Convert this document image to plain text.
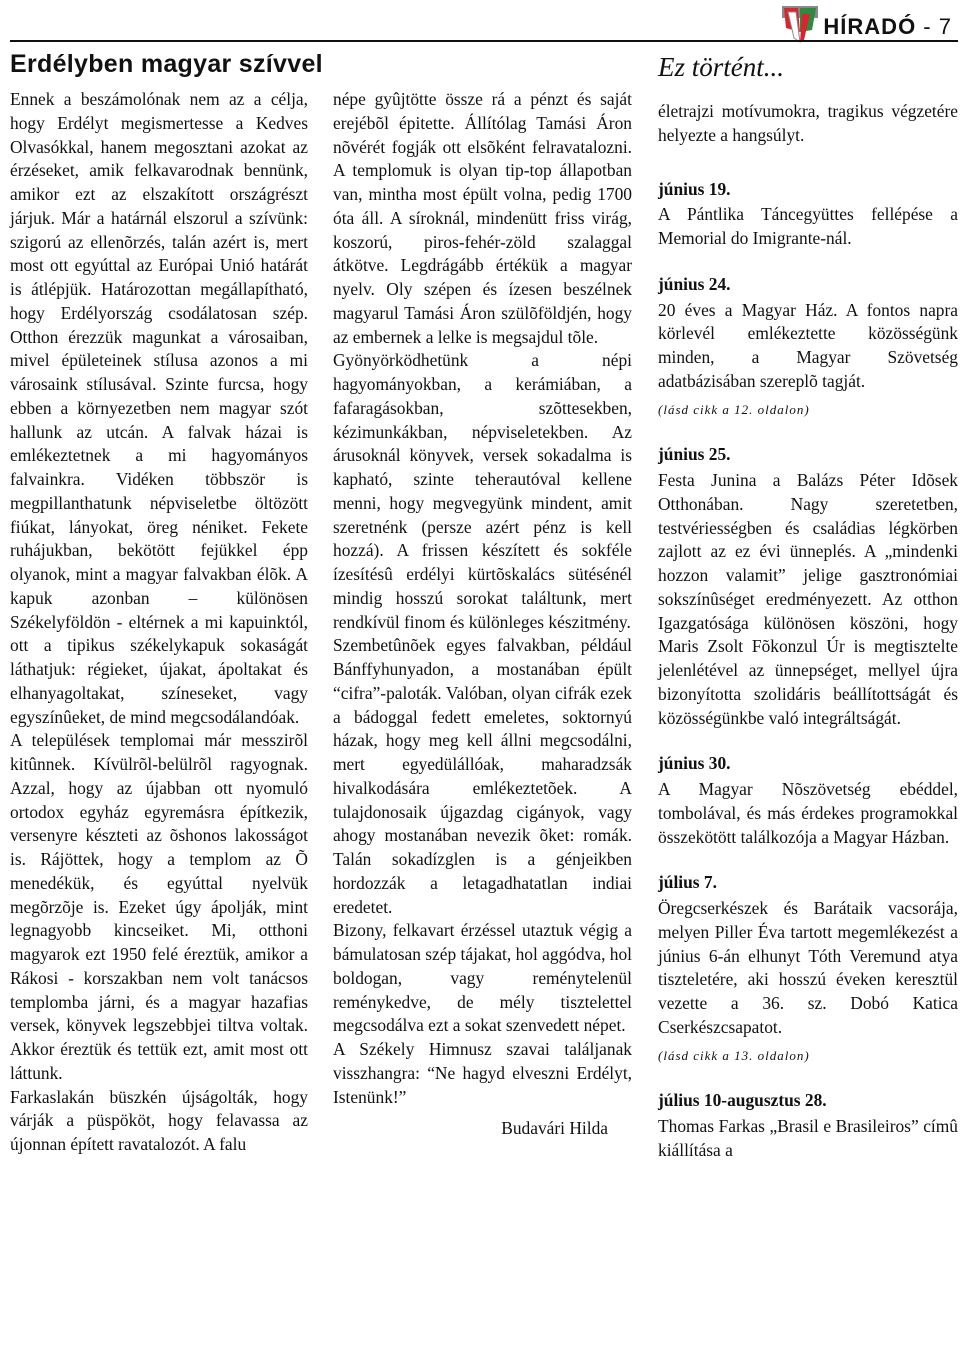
HÍRADÓ - 7
Erdélyben magyar szívvel

Ennek a beszámolónak nem az a célja, hogy Erdélyt megismertesse a Kedves Olvasókkal, hanem megosztani azokat az érzéseket, amik felkavarodnak bennünk, amikor ezt az elszakított országrészt járjuk. Már a határnál elszorul a szívünk: szigorú az ellenõrzés, talán azért is, mert most ott egyúttal az Európai Unió határát is átlépjük. Határozottan megállapítható, hogy Erdélyország csodálatosan szép. Otthon érezzük magunkat a városaiban, mivel épületeinek stílusa azonos a mi városaink stílusával. Szinte furcsa, hogy ebben a környezetben nem magyar szót hallunk az utcán. A falvak házai is emlékeztetnek a mi hagyományos falvainkra. Vidéken többször is megpillanthatunk népviseletbe öltözött fiúkat, lányokat, öreg néniket. Fekete ruhájukban, bekötött fejükkel épp olyanok, mint a magyar falvakban élõk. A kapuk azonban – különösen Székelyföldön - eltérnek a mi kapuinktól, ott a tipikus székelykapuk sokaságát láthatjuk: régieket, újakat, ápoltakat és elhanyagoltakat, színeseket, vagy egyszínûeket, de mind megcsodálandóak.

A települések templomai már messzirõl kitûnnek. Kívülrõl-belülrõl ragyognak. Azzal, hogy az újabban ott nyomuló ortodox egyház egyremásra építkezik, versenyre készteti az õshonos lakosságot is. Rájöttek, hogy a templom az Õ menedékük, és egyúttal nyelvük megõrzõje is. Ezeket úgy ápolják, mint legnagyobb kincseiket. Mi, otthoni magyarok ezt 1950 felé éreztük, amikor a Rákosi - korszakban nem volt tanácsos templomba járni, és a magyar hazafias versek, könyvek legszebbjei tiltva voltak. Akkor éreztük és tettük ezt, amit most ott láttunk.

Farkaslakán büszkén újságolták, hogy várják a püspököt, hogy felavassa az újonnan épített ravatalozót. A falu

népe gyûjtötte össze rá a pénzt és saját erejébõl épitette. Állítólag Tamási Áron nõvérét fogják ott elsõként felravatalozni. A templomuk is olyan tip-top állapotban van, mintha most épült volna, pedig 1700 óta áll. A síroknál, mindenütt friss virág, koszorú, piros-fehér-zöld szalaggal átkötve. Legdrágább értékük a magyar nyelv. Oly szépen és ízesen beszélnek magyarul Tamási Áron szülõföldjén, hogy az embernek a lelke is megsajdul tõle.

Gyönyörködhetünk a népi hagyományokban, a kerámiában, a fafaragásokban, szõttesekben, kézimunkákban, népviseletekben. Az árusoknál könyvek, versek sokadalma is kapható, szinte teherautóval kellene menni, hogy megvegyünk mindent, amit szeretnénk (persze azért pénz is kell hozzá). A frissen készített és sokféle ízesítésû erdélyi kürtõskalács sütésénél mindig hosszú sorokat találtunk, mert rendkívül finom és különleges készitmény.

Szembetûnõek egyes falvakban, például Bánffyhunyadon, a mostanában épült “cifra”-paloták. Valóban, olyan cifrák ezek a bádoggal fedett emeletes, soktornyú házak, hogy meg kell állni megcsodálni, mert egyedülállóak, maharadzsák hivalkodására emlékeztetõek. A tulajdonosaik újgazdag cigányok, vagy ahogy mostanában nevezik õket: romák. Talán sokadízglen is a génjeikben hordozzák a letagadhatatlan indiai eredetet.

Bizony, felkavart érzéssel utaztuk végig a bámulatosan szép tájakat, hol aggódva, hol boldogan, vagy reménytelenül reménykedve, de mély tisztelettel megcsodálva ezt a sokat szenvedett népet.

A Székely Himnusz szavai találjanak visszhangra: “Ne hagyd elveszni Erdélyt, Istenünk!”

Budavári Hilda

Ez történt...

életrajzi motívumokra, tragikus végzetére helyezte a hangsúlyt.

június 19.

A Pántlika Táncegyüttes fellépése a Memorial do Imigrante-nál.

június 24.

20 éves a Magyar Ház. A fontos napra körlevél emlékeztette közösségünk minden, a Magyar Szövetség adatbázisában szereplõ tagját.

(lásd cikk a 12. oldalon)

június 25.

Festa Junina a Balázs Péter Idõsek Otthonában. Nagy szeretetben, testvériességben és családias légkörben zajlott az ez évi ünneplés. A „mindenki hozzon valamit” jelige gasztronómiai sokszínûséget eredményezett. Az otthon Igazgatósága különösen köszöni, hogy Maris Zsolt Fõkonzul Úr is megtisztelte jelenlétével az ünnepséget, mellyel újra bizonyította szolidáris beállítottságát és közösségünkbe való integráltságát.

június 30.

A Magyar Nõszövetség ebéddel, tombolával, és más érdekes programokkal összekötött találkozója a Magyar Házban.

július 7.

Öregcserkészek és Barátaik vacsorája, melyen Piller Éva tartott megemlékezést a június 6-án elhunyt Tóth Veremund atya tiszteletére, aki hosszú éveken keresztül vezette a 36. sz. Dobó Katica Cserkészcsapatot.

(lásd cikk a 13. oldalon)

július 10-augusztus 28.

Thomas Farkas „Brasil e Brasileiros” címû kiállítása a
